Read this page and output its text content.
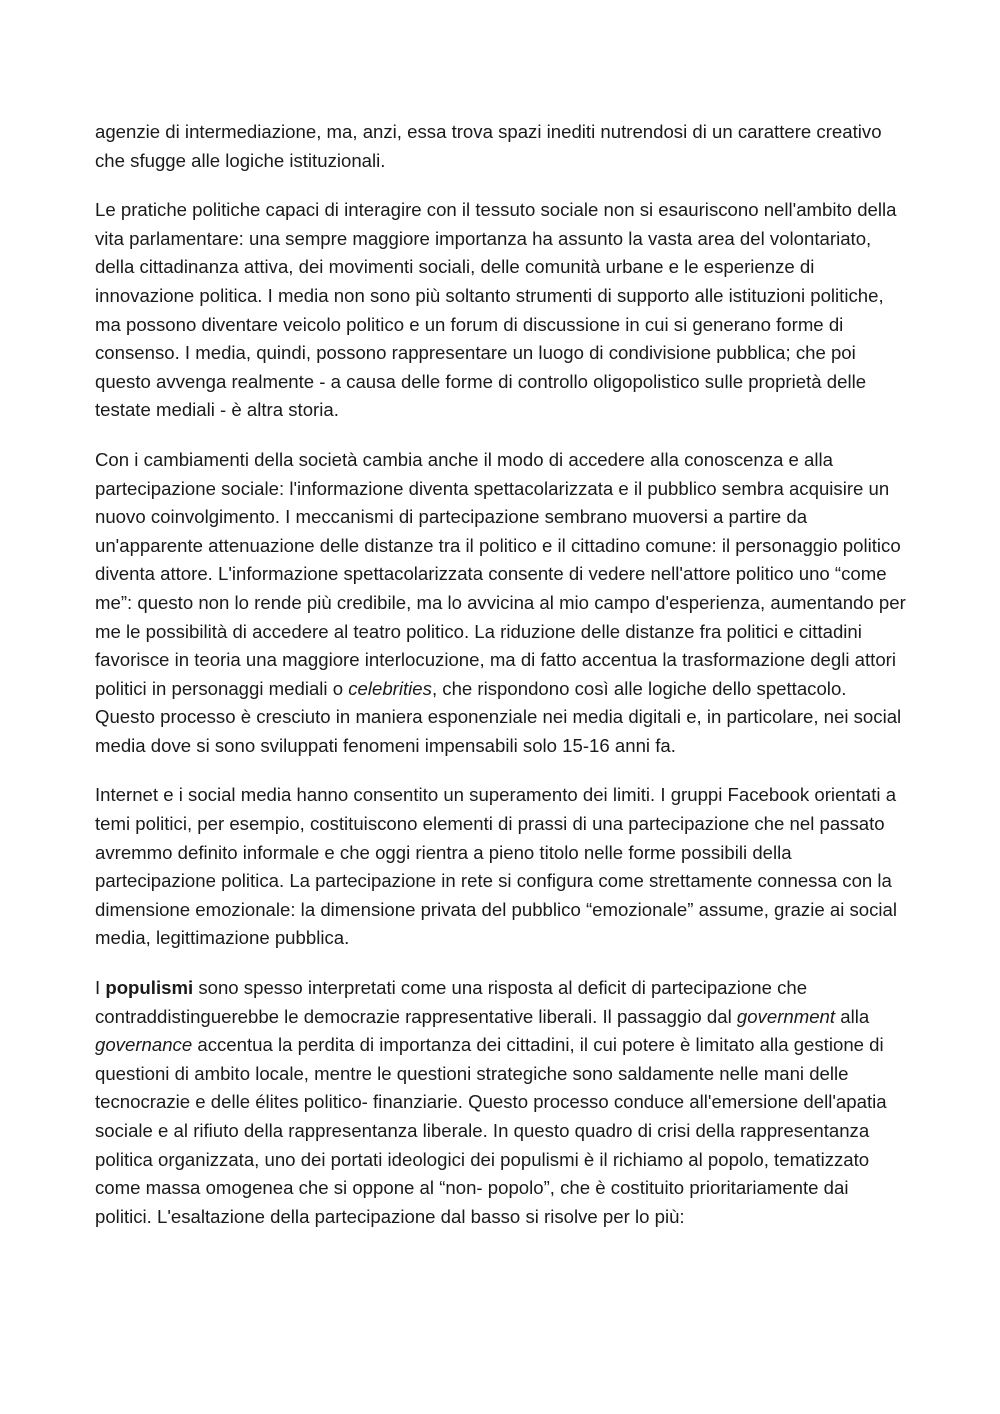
agenzie di intermediazione, ma, anzi, essa trova spazi inediti nutrendosi di un carattere creativo che sfugge alle logiche istituzionali.

Le pratiche politiche capaci di interagire con il tessuto sociale non si esauriscono nell'ambito della vita parlamentare: una sempre maggiore importanza ha assunto la vasta area del volontariato, della cittadinanza attiva, dei movimenti sociali, delle comunità urbane e le esperienze di innovazione politica. I media non sono più soltanto strumenti di supporto alle istituzioni politiche, ma possono diventare veicolo politico e un forum di discussione in cui si generano forme di consenso. I media, quindi, possono rappresentare un luogo di condivisione pubblica; che poi questo avvenga realmente - a causa delle forme di controllo oligopolistico sulle proprietà delle testate mediali - è altra storia.

Con i cambiamenti della società cambia anche il modo di accedere alla conoscenza e alla partecipazione sociale: l'informazione diventa spettacolarizzata e il pubblico sembra acquisire un nuovo coinvolgimento. I meccanismi di partecipazione sembrano muoversi a partire da un'apparente attenuazione delle distanze tra il politico e il cittadino comune: il personaggio politico diventa attore. L'informazione spettacolarizzata consente di vedere nell'attore politico uno “come me”: questo non lo rende più credibile, ma lo avvicina al mio campo d'esperienza, aumentando per me le possibilità di accedere al teatro politico. La riduzione delle distanze fra politici e cittadini favorisce in teoria una maggiore interlocuzione, ma di fatto accentua la trasformazione degli attori politici in personaggi mediali o celebrities, che rispondono così alle logiche dello spettacolo. Questo processo è cresciuto in maniera esponenziale nei media digitali e, in particolare, nei social media dove si sono sviluppati fenomeni impensabili solo 15-16 anni fa.

Internet e i social media hanno consentito un superamento dei limiti. I gruppi Facebook orientati a temi politici, per esempio, costituiscono elementi di prassi di una partecipazione che nel passato avremmo definito informale e che oggi rientra a pieno titolo nelle forme possibili della partecipazione politica. La partecipazione in rete si configura come strettamente connessa con la dimensione emozionale: la dimensione privata del pubblico “emozionale” assume, grazie ai social media, legittimazione pubblica.

I populismi sono spesso interpretati come una risposta al deficit di partecipazione che contraddistinguerebbe le democrazie rappresentative liberali. Il passaggio dal government alla governance accentua la perdita di importanza dei cittadini, il cui potere è limitato alla gestione di questioni di ambito locale, mentre le questioni strategiche sono saldamente nelle mani delle tecnocrazie e delle élites politico- finanziarie. Questo processo conduce all'emersione dell'apatia sociale e al rifiuto della rappresentanza liberale. In questo quadro di crisi della rappresentanza politica organizzata, uno dei portati ideologici dei populismi è il richiamo al popolo, tematizzato come massa omogenea che si oppone al “non- popolo”, che è costituito prioritariamente dai politici. L'esaltazione della partecipazione dal basso si risolve per lo più:
